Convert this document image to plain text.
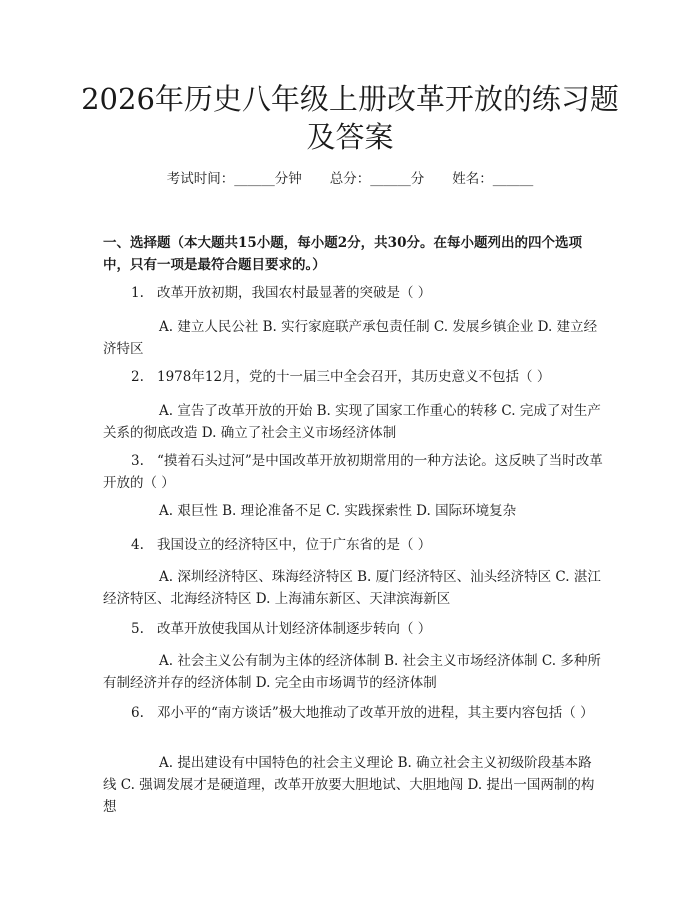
2026年历史八年级上册改革开放的练习题及答案
考试时间：______分钟 总分：______分 姓名：______

一、选择题（本大题共15小题，每小题2分，共30分。在每小题列出的四个选项中，只有一项是最符合题目要求的。）

1. 改革开放初期，我国农村最显著的突破是（ ）

A. 建立人民公社 B. 实行家庭联产承包责任制 C. 发展乡镇企业 D. 建立经济特区

2. 1978年12月，党的十一届三中全会召开，其历史意义不包括（ ）

A. 宣告了改革开放的开始 B. 实现了国家工作重心的转移 C. 完成了对生产关系的彻底改造 D. 确立了社会主义市场经济体制

3. “摸着石头过河”是中国改革开放初期常用的一种方法论。这反映了当时改革开放的（ ）

A. 艰巨性 B. 理论准备不足 C. 实践探索性 D. 国际环境复杂

4. 我国设立的经济特区中，位于广东省的是（ ）

A. 深圳经济特区、珠海经济特区 B. 厦门经济特区、汕头经济特区 C. 湛江经济特区、北海经济特区 D. 上海浦东新区、天津滨海新区

5. 改革开放使我国从计划经济体制逐步转向（ ）

A. 社会主义公有制为主体的经济体制 B. 社会主义市场经济体制 C. 多种所有制经济并存的经济体制 D. 完全由市场调节的经济体制

6. 邓小平的“南方谈话”极大地推动了改革开放的进程，其主要内容包括（ ）

A. 提出建设有中国特色的社会主义理论 B. 确立社会主义初级阶段基本路线 C. 强调发展才是硬道理，改革开放要大胆地试、大胆地闯 D. 提出一国两制的构想
